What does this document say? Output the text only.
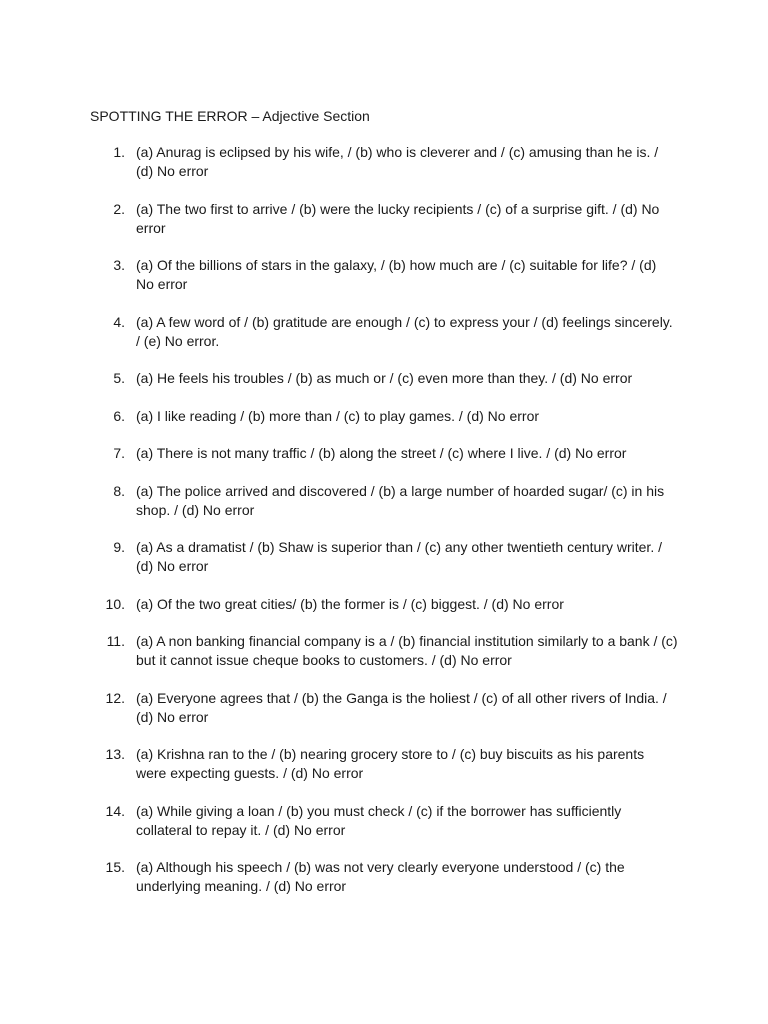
SPOTTING THE ERROR – Adjective Section
1. (a) Anurag is eclipsed by his wife, / (b) who is cleverer and / (c) amusing than he is. / (d) No error
2. (a) The two first to arrive / (b) were the lucky recipients / (c) of a surprise gift. / (d) No error
3. (a) Of the billions of stars in the galaxy, / (b) how much are / (c) suitable for life? / (d) No error
4. (a) A few word of / (b) gratitude are enough / (c) to express your / (d) feelings sincerely. / (e) No error.
5. (a) He feels his troubles / (b) as much or / (c) even more than they. / (d) No error
6. (a) I like reading / (b) more than / (c) to play games. / (d) No error
7. (a) There is not many traffic / (b) along the street / (c) where I live. / (d) No error
8. (a) The police arrived and discovered / (b) a large number of hoarded sugar/ (c) in his shop. / (d) No error
9. (a) As a dramatist / (b) Shaw is superior than / (c) any other twentieth century writer. / (d) No error
10. (a) Of the two great cities/ (b) the former is / (c) biggest. / (d) No error
11. (a) A non banking financial company is a / (b) financial institution similarly to a bank / (c) but it cannot issue cheque books to customers. / (d) No error
12. (a) Everyone agrees that / (b) the Ganga is the holiest / (c) of all other rivers of India. / (d) No error
13. (a) Krishna ran to the / (b) nearing grocery store to / (c) buy biscuits as his parents were expecting guests. / (d) No error
14. (a) While giving a loan / (b) you must check / (c) if the borrower has sufficiently collateral to repay it. / (d) No error
15. (a) Although his speech / (b) was not very clearly everyone understood / (c) the underlying meaning. / (d) No error
